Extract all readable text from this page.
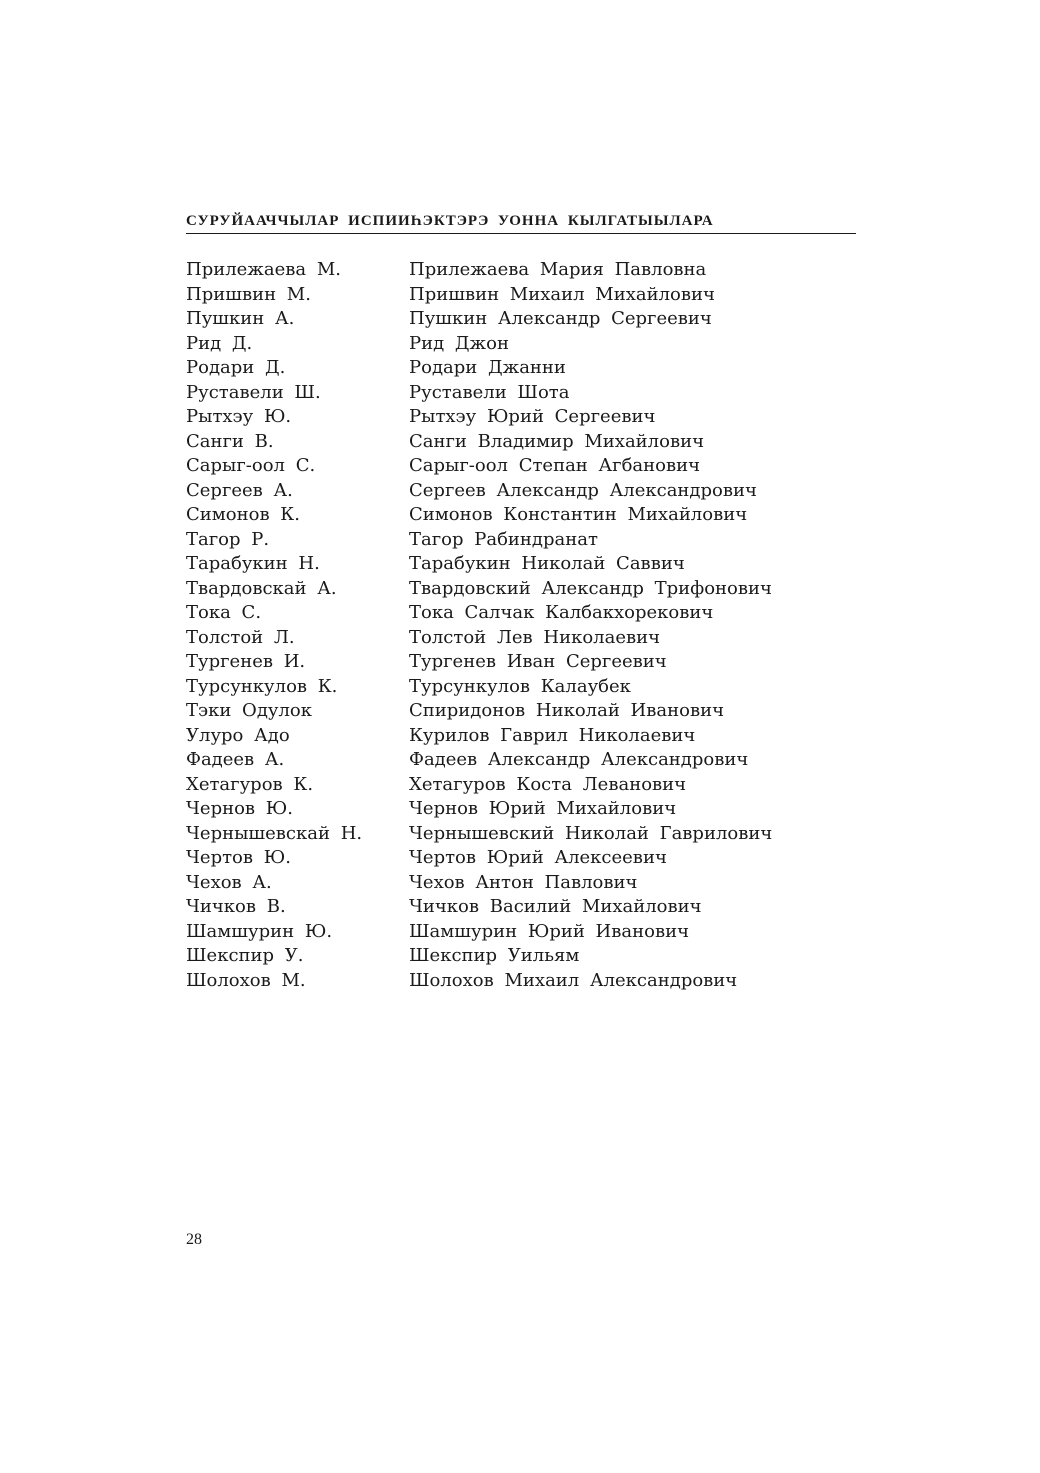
СУРУЙААЧЧЫЛАР ИСПИИҺЭКТЭРЭ УОННА КЫЛГАТЫЫЛАРА
Прилежаева М.	Прилежаева Мария Павловна
Пришвин М.	Пришвин Михаил Михайлович
Пушкин А.	Пушкин Александр Сергеевич
Рид Д.	Рид Джон
Родари Д.	Родари Джанни
Руставели Ш.	Руставели Шота
Рытхэу Ю.	Рытхэу Юрий Сергеевич
Санги В.	Санги Владимир Михайлович
Сарыг-оол С.	Сарыг-оол Степан Агбанович
Сергеев А.	Сергеев Александр Александрович
Симонов К.	Симонов Константин Михайлович
Тагор Р.	Тагор Рабиндранат
Тарабукин Н.	Тарабукин Николай Саввич
Твардовскай А.	Твардовский Александр Трифонович
Тока С.	Тока Салчак Калбакхорекович
Толстой Л.	Толстой Лев Николаевич
Тургенев И.	Тургенев Иван Сергеевич
Турсункулов К.	Турсункулов Калаубек
Тэки Одулок	Спиридонов Николай Иванович
Улуро Адо	Курилов Гаврил Николаевич
Фадеев А.	Фадеев Александр Александрович
Хетагуров К.	Хетагуров Коста Леванович
Чернов Ю.	Чернов Юрий Михайлович
Чернышевскай Н.	Чернышевский Николай Гаврилович
Чертов Ю.	Чертов Юрий Алексеевич
Чехов А.	Чехов Антон Павлович
Чичков В.	Чичков Василий Михайлович
Шамшурин Ю.	Шамшурин Юрий Иванович
Шекспир У.	Шекспир Уильям
Шолохов М.	Шолохов Михаил Александрович
28
